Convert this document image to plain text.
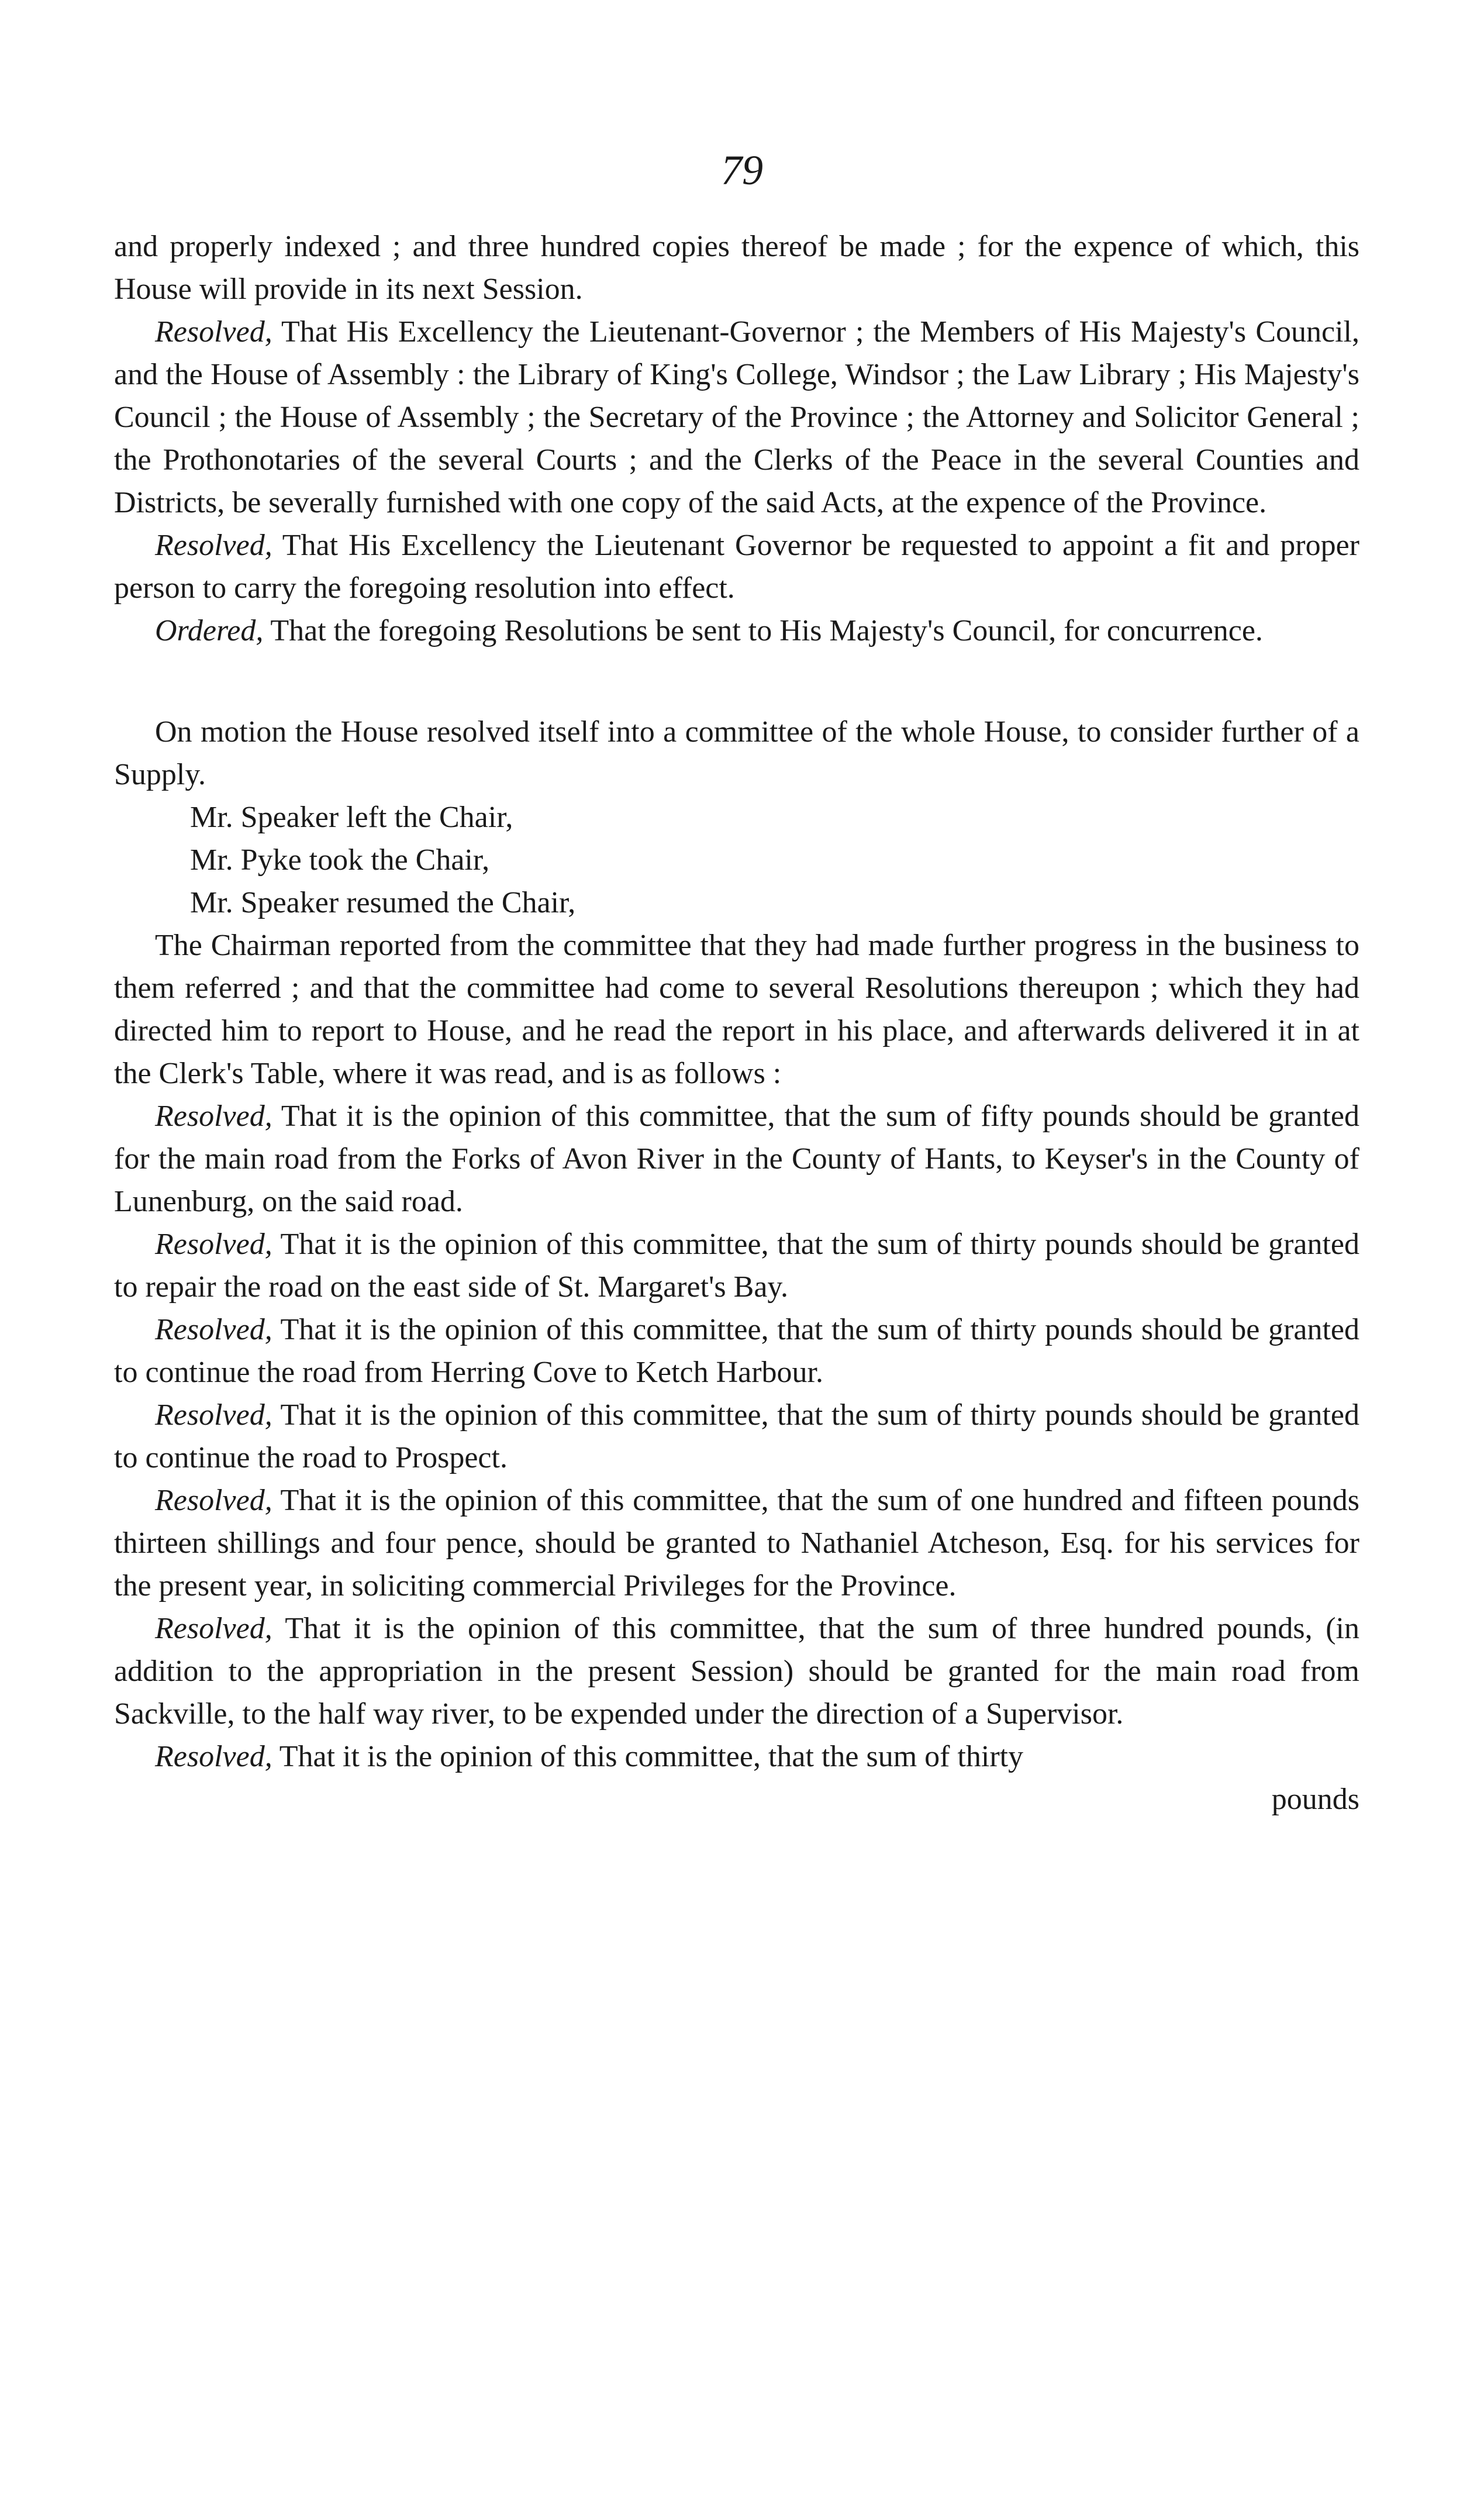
79

and properly indexed ; and three hundred copies thereof be made ; for the expence of which, this House will provide in its next Session.

Resolved, That His Excellency the Lieutenant-Governor ; the Members of His Majesty's Council, and the House of Assembly : the Library of King's College, Windsor ; the Law Library ; His Majesty's Council ; the House of Assembly ; the Secretary of the Province ; the Attorney and Solicitor General ; the Prothonotaries of the several Courts ; and the Clerks of the Peace in the several Counties and Districts, be severally furnished with one copy of the said Acts, at the expence of the Province.

Resolved, That His Excellency the Lieutenant Governor be requested to appoint a fit and proper person to carry the foregoing resolution into effect.

Ordered, That the foregoing Resolutions be sent to His Majesty's Council, for concurrence.

On motion the House resolved itself into a committee of the whole House, to consider further of a Supply.

Mr. Speaker left the Chair,

Mr. Pyke took the Chair,

Mr. Speaker resumed the Chair,

The Chairman reported from the committee that they had made further progress in the business to them referred ; and that the committee had come to several Resolutions thereupon ; which they had directed him to report to House, and he read the report in his place, and afterwards delivered it in at the Clerk's Table, where it was read, and is as follows :

Resolved, That it is the opinion of this committee, that the sum of fifty pounds should be granted for the main road from the Forks of Avon River in the County of Hants, to Keyser's in the County of Lunenburg, on the said road.

Resolved, That it is the opinion of this committee, that the sum of thirty pounds should be granted to repair the road on the east side of St. Margaret's Bay.

Resolved, That it is the opinion of this committee, that the sum of thirty pounds should be granted to continue the road from Herring Cove to Ketch Harbour.

Resolved, That it is the opinion of this committee, that the sum of thirty pounds should be granted to continue the road to Prospect.

Resolved, That it is the opinion of this committee, that the sum of one hundred and fifteen pounds thirteen shillings and four pence, should be granted to Nathaniel Atcheson, Esq. for his services for the present year, in soliciting commercial Privileges for the Province.

Resolved, That it is the opinion of this committee, that the sum of three hundred pounds, (in addition to the appropriation in the present Session) should be granted for the main road from Sackville, to the half way river, to be expended under the direction of a Supervisor.

Resolved, That it is the opinion of this committee, that the sum of thirty

pounds
